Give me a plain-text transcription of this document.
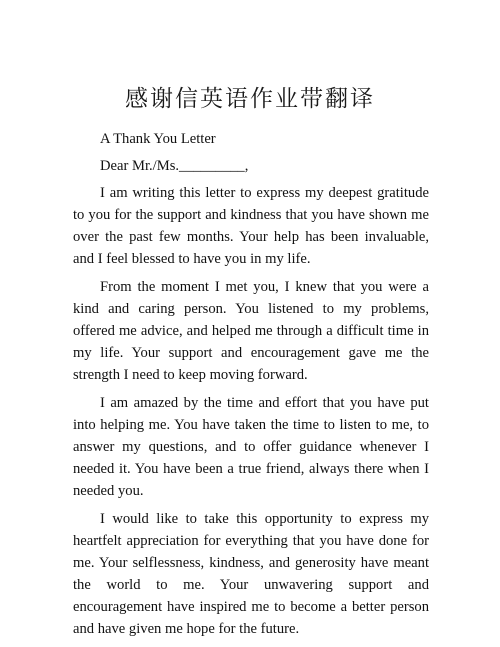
感谢信英语作业带翻译

A Thank You Letter

Dear Mr./Ms._________,

I am writing this letter to express my deepest gratitude to you for the support and kindness that you have shown me over the past few months. Your help has been invaluable, and I feel blessed to have you in my life.

From the moment I met you, I knew that you were a kind and caring person. You listened to my problems, offered me advice, and helped me through a difficult time in my life. Your support and encouragement gave me the strength I need to keep moving forward.

I am amazed by the time and effort that you have put into helping me. You have taken the time to listen to me, to answer my questions, and to offer guidance whenever I needed it. You have been a true friend, always there when I needed you.

I would like to take this opportunity to express my heartfelt appreciation for everything that you have done for me. Your selflessness, kindness, and generosity have meant the world to me. Your unwavering support and encouragement have inspired me to become a better person and have given me hope for the future.
